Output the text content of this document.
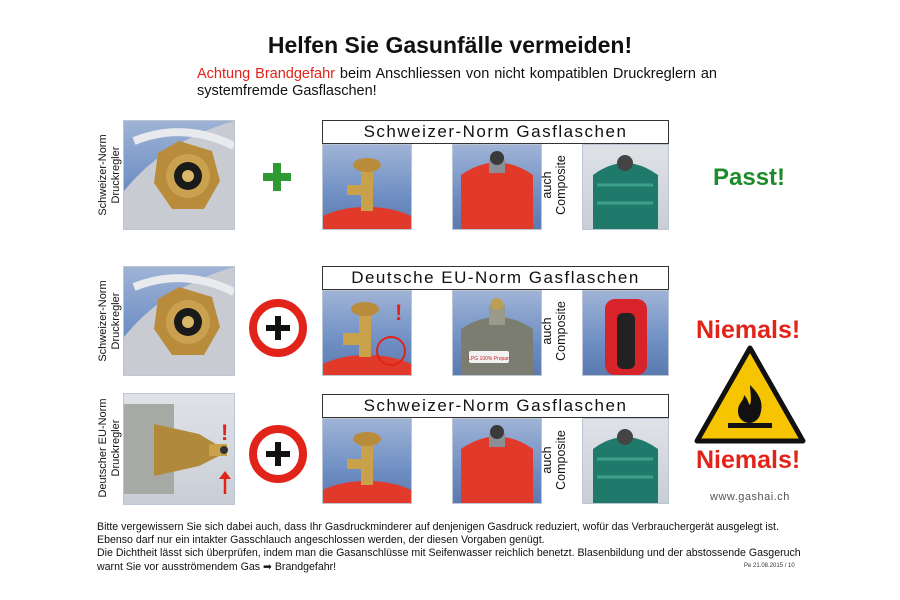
Helfen Sie Gasunfälle vermeiden!
Achtung Brandgefahr beim Anschliessen von nicht kompatiblen Druckreglern an systemfremde Gasflaschen!
Schweizer-Norm Druckregler
Schweizer-Norm Gasflaschen
auch Composite	Passt!
Schweizer-Norm Druckregler
Deutsche EU-Norm Gasflaschen
!
LPG 100% Propan
auch Composite
Deutscher EU-Norm Druckregler	!
Schweizer-Norm Gasflaschen
auch Composite
Niemals!
Niemals!
www.gashai.ch
Bitte vergewissern Sie sich dabei auch, dass Ihr Gasdruckminderer auf denjenigen Gasdruck reduziert, wofür das Verbrauchergerät ausgelegt ist. Ebenso darf nur ein intakter Gasschlauch angeschlossen werden, der diesen Vorgaben genügt.
Die Dichtheit lässt sich überprüfen, indem man die Gasanschlüsse mit Seifenwasser reichlich benetzt. Blasenbildung und der abstossende Gasgeruch warnt Sie vor ausströmendem Gas ➡ Brandgefahr!	Pe 21.08.2015 / 10
